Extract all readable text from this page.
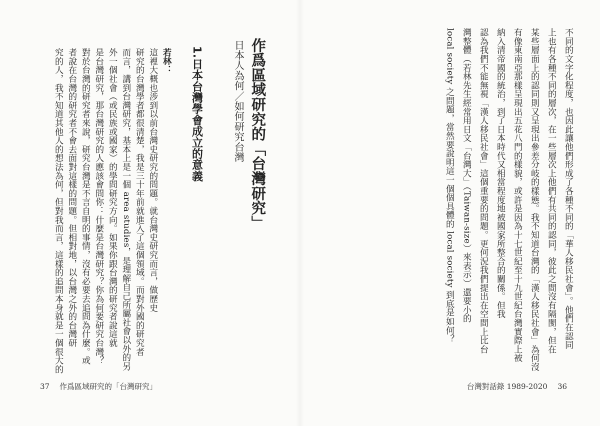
作爲區域研究的「台灣研究」
日本人為何／如何研究台灣
1.日本台灣學會成立的意義
若林：
這裡大概也涉到以前台灣史研究的問題。就台灣史研究而言，做歷史
研究的台灣學者都很清楚，我是三十年前就進入了這個領域。而對外國的研究者
而言，講到台灣研究，基本上是一個 area studies，是理解自己所屬社會以外的另
外一個社會（或民族或國家）的學問研究方向。如果你跟台灣的研究者說這就
是台灣研究，那台灣研究的人應該會問你：什麼是台灣研究？你為何要研究台灣？
對於台灣的研究者來說，研究台灣是不言自明的事情，沒有必要去追問為什麼。或
者說在台灣的研究者不會去面對這樣的問題。但相對地，以台灣之外的台灣研
究的人，我不知道其他人的想法為何，但對我而言，這樣的追問本身就是一個很大的
37 作爲區域研究的「台灣研究」
不同的文字化程度，也因此讓他們形成了各種不同的「華人移民社會」。他們在認同
上也有各種不同的層次，在一些層次上他們有共同的認同，彼此之間沒有隔閡，但在
某些層面上的認同則又呈現出參差分岐的樣態。我不知道台灣的「漢人移民社會」為何沒
有像東南亞那樣呈現出五花八門的樣貌，或許是因為十七世紀至十九世紀台灣實際上被
納入清帝國的統治，到了日本時代又相當程度地被國家所整合的關係。但我
認為我們不能無視「漢人移民社會」這個重要的問題。更何況我們提出在空間上比台
灣整體（若林先生經常用日文「台灣大」（Taiwan-size）來表示）還要小的
local society 之問題，當然要說明這一個個具體的 local society 到底是如何？
台灣對話錄 1989-2020 36
